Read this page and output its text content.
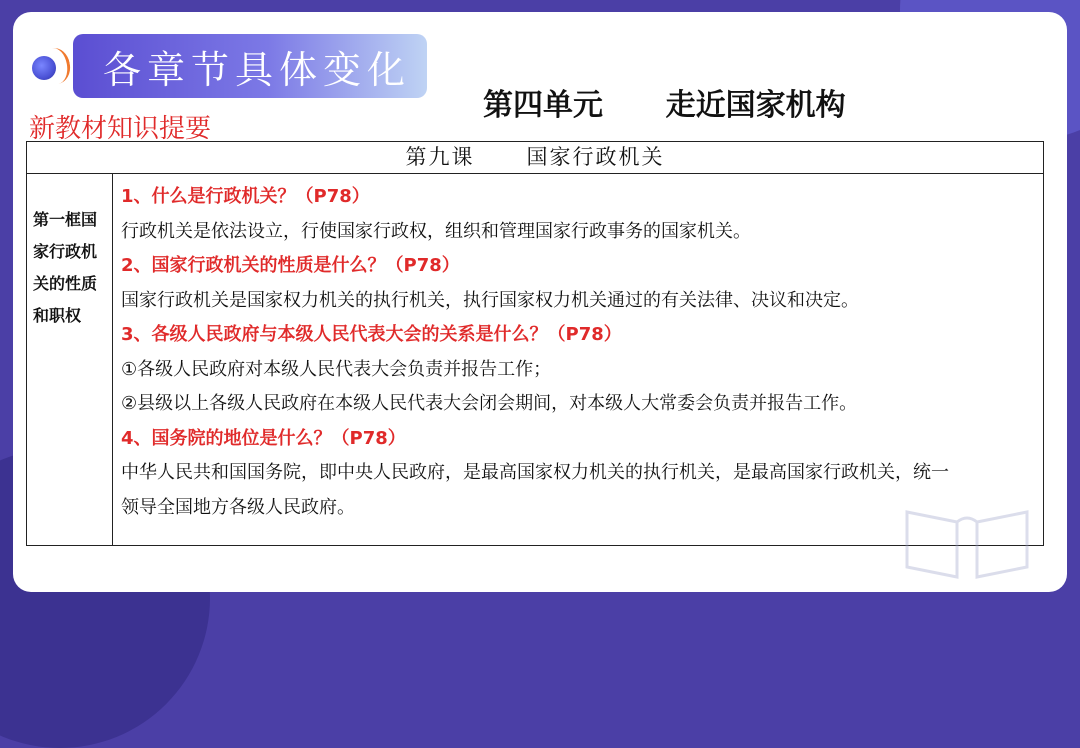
各章节具体变化
新教材知识提要
第四单元      走近国家机构
第九课      国家行政机关
第一框国家行政机关的性质和职权
1、什么是行政机关？（P78）
行政机关是依法设立，行使国家行政权，组织和管理国家行政事务的国家机关。
2、国家行政机关的性质是什么？（P78）
国家行政机关是国家权力机关的执行机关，执行国家权力机关通过的有关法律、决议和决定。
3、各级人民政府与本级人民代表大会的关系是什么？（P78）
①各级人民政府对本级人民代表大会负责并报告工作；
②县级以上各级人民政府在本级人民代表大会闭会期间，对本级人大常委会负责并报告工作。
4、国务院的地位是什么？（P78）
中华人民共和国国务院，即中央人民政府，是最高国家权力机关的执行机关，是最高国家行政机关，统一
领导全国地方各级人民政府。
